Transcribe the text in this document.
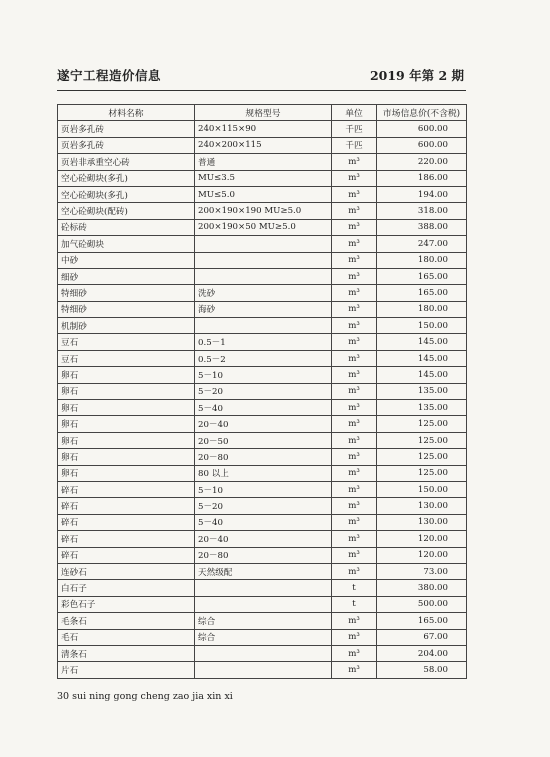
遂宁工程造价信息	2019 年第 2 期
材料名称	规格型号	单位	市场信息价(不含税)
页岩多孔砖	240×115×90	千匹	600.00
页岩多孔砖	240×200×115	千匹	600.00
页岩非承重空心砖	普通	m³	220.00
空心砼砌块(多孔)	MU≤3.5	m³	186.00
空心砼砌块(多孔)	MU≤5.0	m³	194.00
空心砼砌块(配砖)	200×190×190 MU≥5.0	m³	318.00
砼标砖	200×190×50 MU≥5.0	m³	388.00
加气砼砌块		m³	247.00
中砂		m³	180.00
细砂		m³	165.00
特细砂	洗砂	m³	165.00
特细砂	海砂	m³	180.00
机制砂		m³	150.00
豆石	0.5－1	m³	145.00
豆石	0.5－2	m³	145.00
卵石	5－10	m³	145.00
卵石	5－20	m³	135.00
卵石	5－40	m³	135.00
卵石	20－40	m³	125.00
卵石	20－50	m³	125.00
卵石	20－80	m³	125.00
卵石	80 以上	m³	125.00
碎石	5－10	m³	150.00
碎石	5－20	m³	130.00
碎石	5－40	m³	130.00
碎石	20－40	m³	120.00
碎石	20－80	m³	120.00
连砂石	天然级配	m³	73.00
白石子		t	380.00
彩色石子		t	500.00
毛条石	综合	m³	165.00
毛石	综合	m³	67.00
清条石		m³	204.00
片石		m³	58.00
30 sui ning gong cheng zao jia xin xi
